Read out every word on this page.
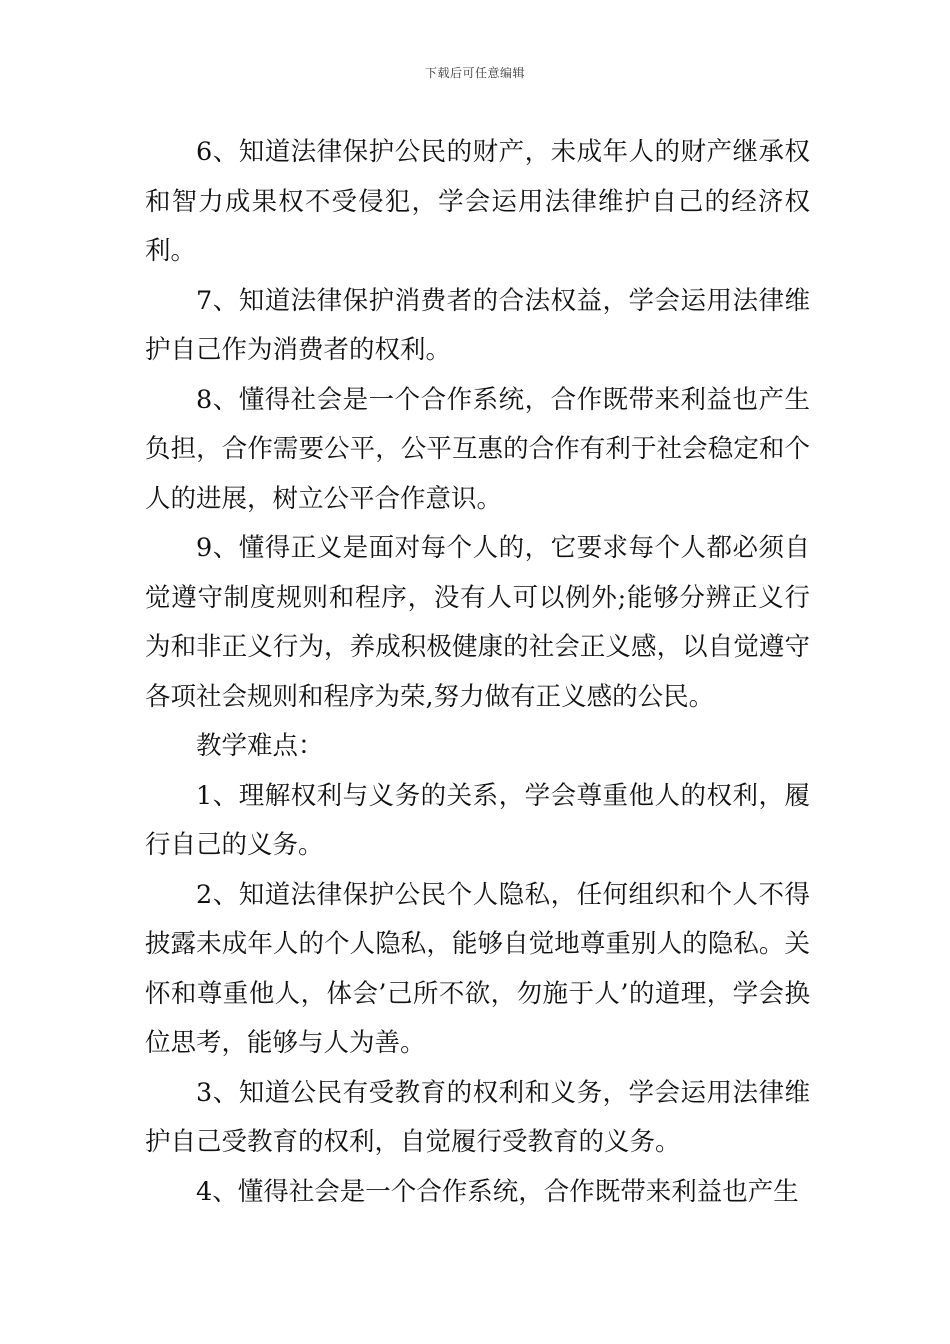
下载后可任意编辑

6、知道法律保护公民的财产，未成年人的财产继承权和智力成果权不受侵犯，学会运用法律维护自己的经济权利。

7、知道法律保护消费者的合法权益，学会运用法律维护自己作为消费者的权利。

8、懂得社会是一个合作系统，合作既带来利益也产生负担，合作需要公平，公平互惠的合作有利于社会稳定和个人的进展，树立公平合作意识。

9、懂得正义是面对每个人的，它要求每个人都必须自觉遵守制度规则和程序，没有人可以例外;能够分辨正义行为和非正义行为，养成积极健康的社会正义感，以自觉遵守各项社会规则和程序为荣,努力做有正义感的公民。

教学难点：

1、理解权利与义务的关系，学会尊重他人的权利，履行自己的义务。

2、知道法律保护公民个人隐私，任何组织和个人不得披露未成年人的个人隐私，能够自觉地尊重别人的隐私。关怀和尊重他人，体会’己所不欲，勿施于人’的道理，学会换位思考，能够与人为善。

3、知道公民有受教育的权利和义务，学会运用法律维护自己受教育的权利，自觉履行受教育的义务。

4、懂得社会是一个合作系统，合作既带来利益也产生
